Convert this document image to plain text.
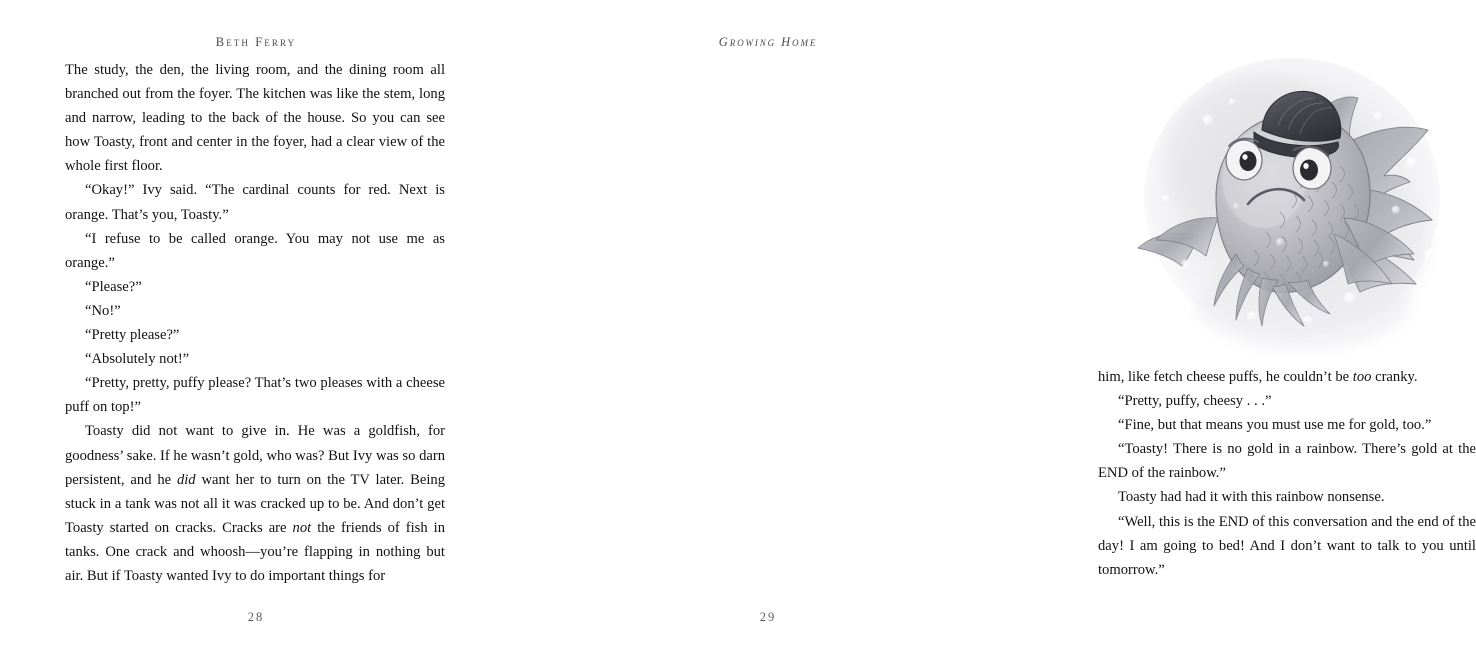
Beth Ferry

The study, the den, the living room, and the dining room all branched out from the foyer. The kitchen was like the stem, long and narrow, leading to the back of the house. So you can see how Toasty, front and center in the foyer, had a clear view of the whole first floor.

“Okay!” Ivy said. “The cardinal counts for red. Next is orange. That’s you, Toasty.”

“I refuse to be called orange. You may not use me as orange.”

“Please?”

“No!”

“Pretty please?”

“Absolutely not!”

“Pretty, pretty, puffy please? That’s two pleases with a cheese puff on top!”

Toasty did not want to give in. He was a goldfish, for goodness’ sake. If he wasn’t gold, who was? But Ivy was so darn persistent, and he did want her to turn on the TV later. Being stuck in a tank was not all it was cracked up to be. And don’t get Toasty started on cracks. Cracks are not the friends of fish in tanks. One crack and whoosh—you’re flapping in nothing but air. But if Toasty wanted Ivy to do important things for

28
Growing Home

him, like fetch cheese puffs, he couldn’t be too cranky.

“Pretty, puffy, cheesy . . .”

“Fine, but that means you must use me for gold, too.”

“Toasty! There is no gold in a rainbow. There’s gold at the END of the rainbow.”

Toasty had had it with this rainbow nonsense.

“Well, this is the END of this conversation and the end of the day! I am going to bed! And I don’t want to talk to you until tomorrow.”

29
